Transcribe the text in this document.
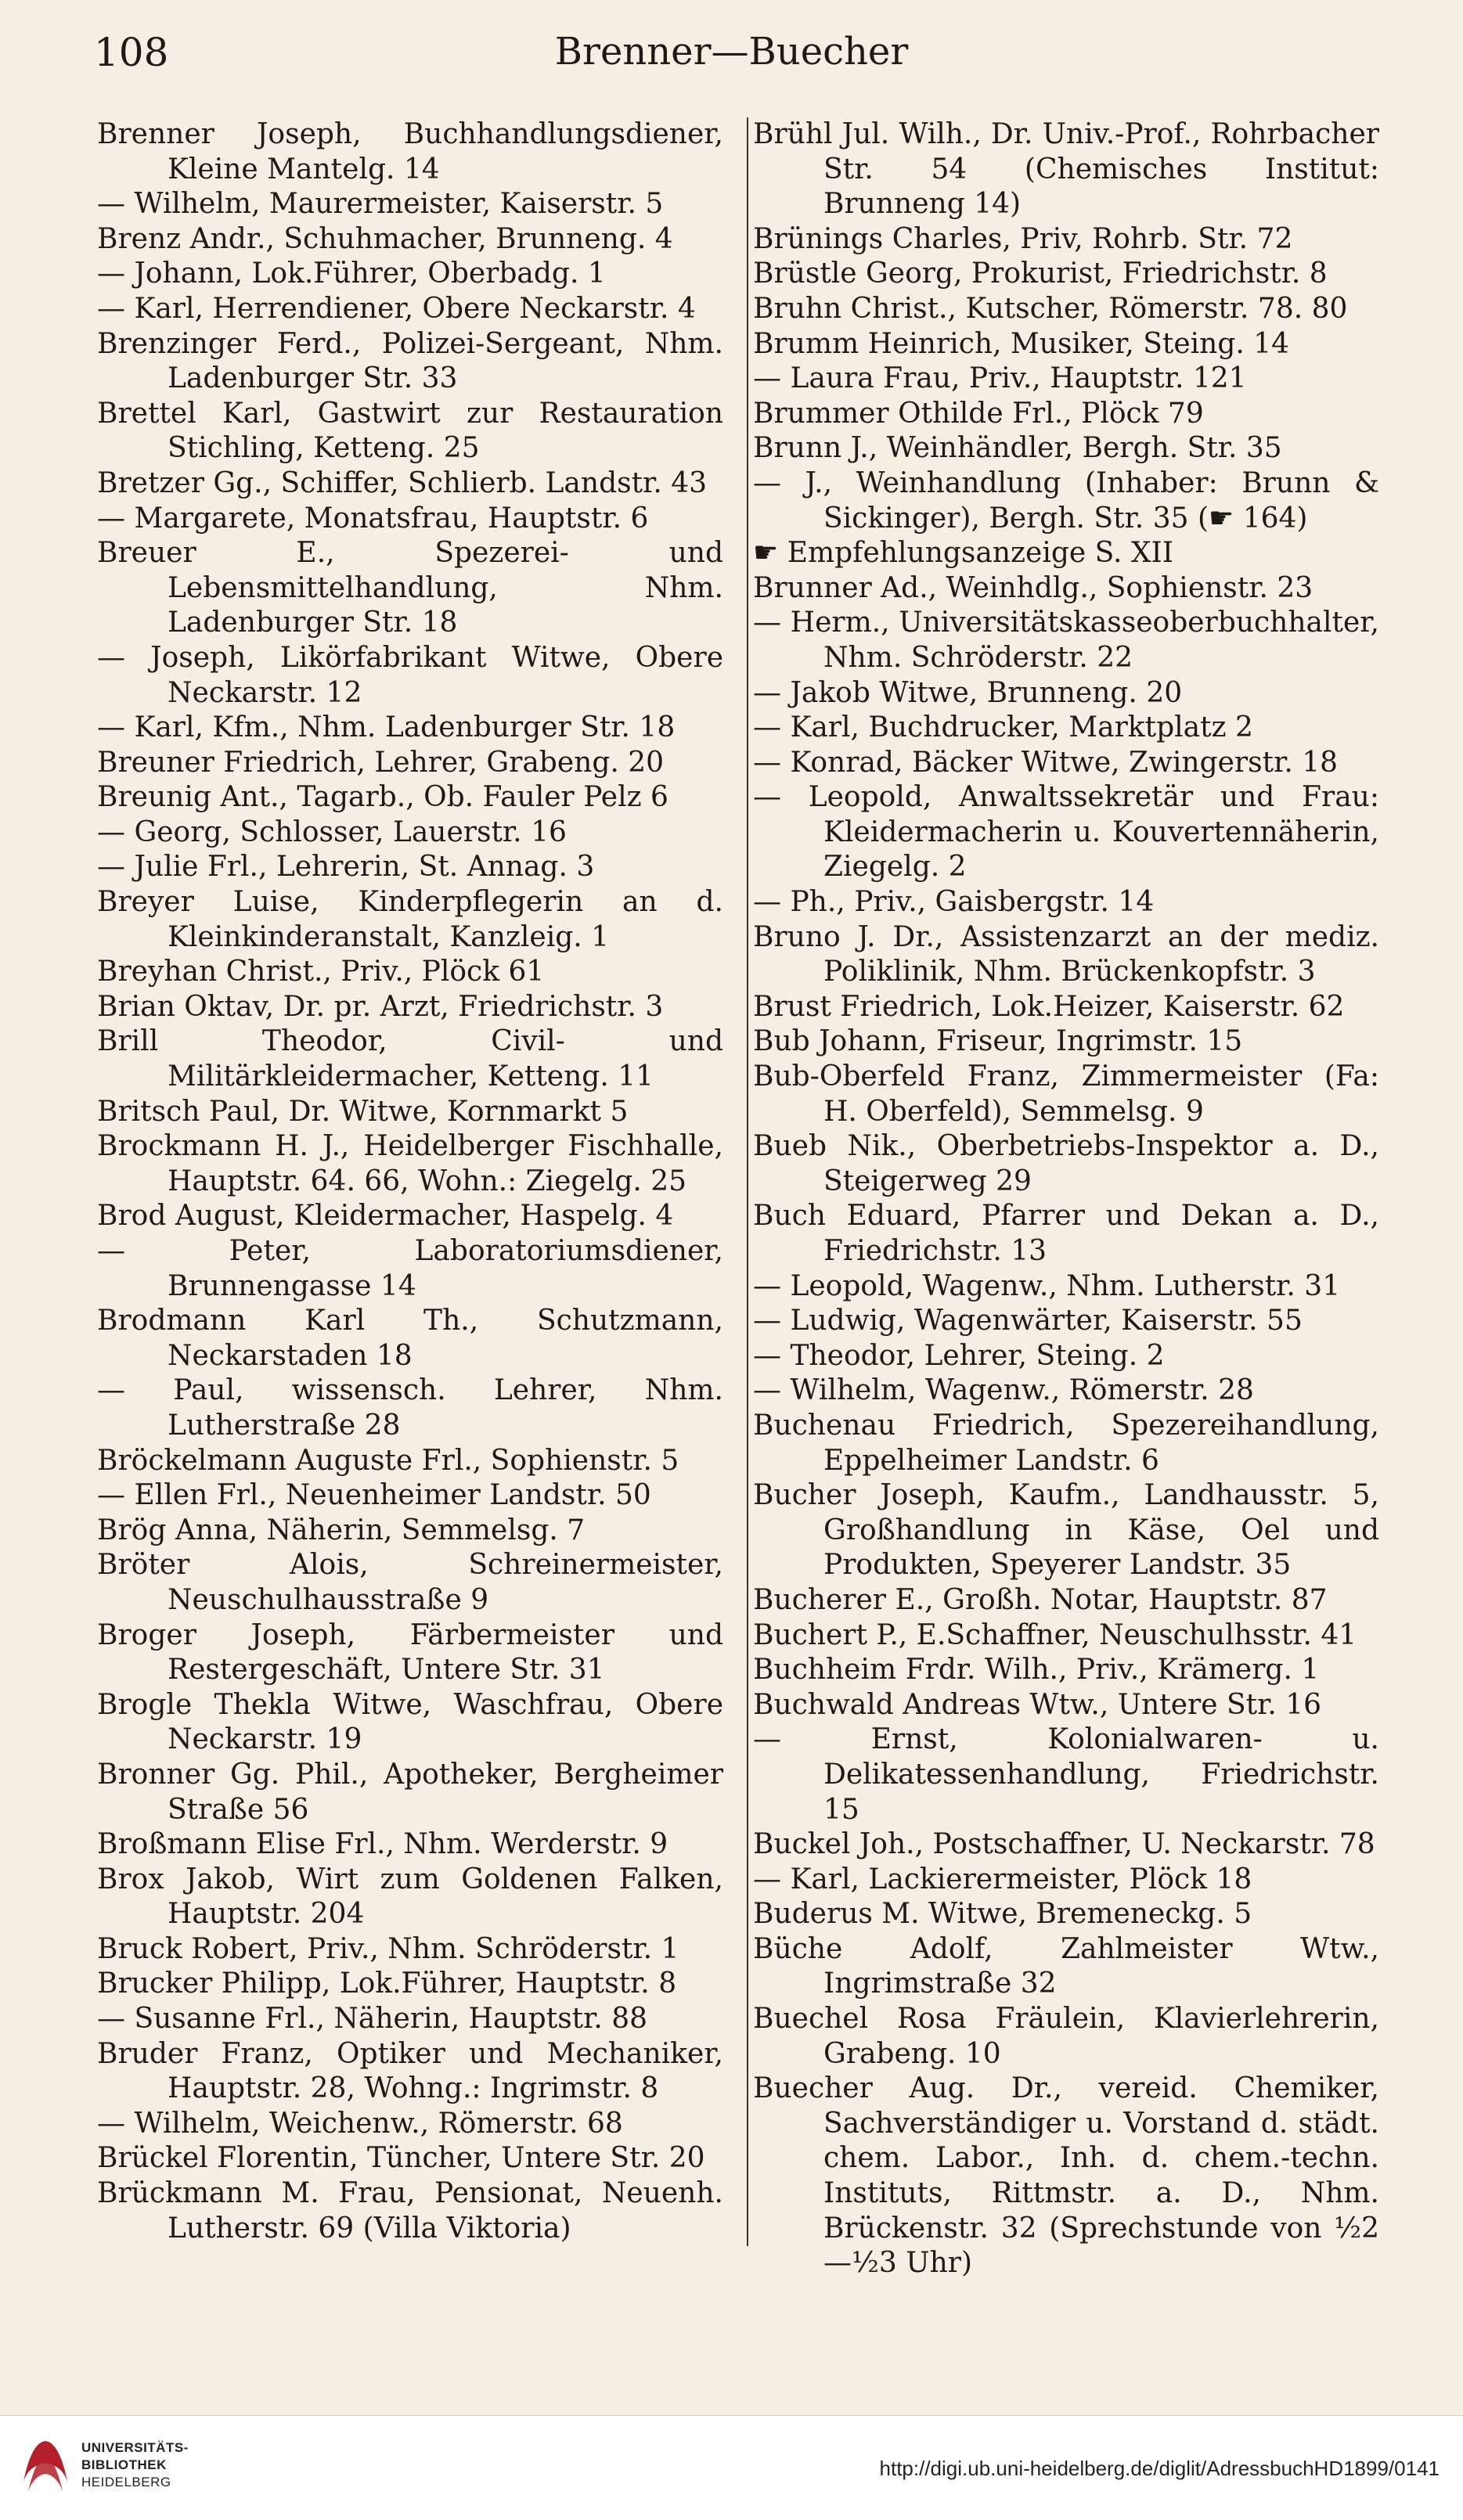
108	Brenner—Buecher
Brenner Joseph, Buchhandlungsdiener, Kleine Mantelg. 14
— Wilhelm, Maurermeister, Kaiserstr. 5
Brenz Andr., Schuhmacher, Brunneng. 4
— Johann, Lok.Führer, Oberbadg. 1
— Karl, Herrendiener, Obere Neckarstr. 4
Brenzinger Ferd., Polizei-Sergeant, Nhm. Ladenburger Str. 33
Brettel Karl, Gastwirt zur Restauration Stichling, Ketteng. 25
Bretzer Gg., Schiffer, Schlierb. Landstr. 43
— Margarete, Monatsfrau, Hauptstr. 6
Breuer E., Spezerei- und Lebensmittelhandlung, Nhm. Ladenburger Str. 18
— Joseph, Likörfabrikant Witwe, Obere Neckarstr. 12
— Karl, Kfm., Nhm. Ladenburger Str. 18
Breuner Friedrich, Lehrer, Grabeng. 20
Breunig Ant., Tagarb., Ob. Fauler Pelz 6
— Georg, Schlosser, Lauerstr. 16
— Julie Frl., Lehrerin, St. Annag. 3
Breyer Luise, Kinderpflegerin an d. Kleinkinderanstalt, Kanzleig. 1
Breyhan Christ., Priv., Plöck 61
Brian Oktav, Dr. pr. Arzt, Friedrichstr. 3
Brill Theodor, Civil- und Militärkleidermacher, Ketteng. 11
Britsch Paul, Dr. Witwe, Kornmarkt 5
Brockmann H. J., Heidelberger Fischhalle, Hauptstr. 64. 66, Wohn.: Ziegelg. 25
Brod August, Kleidermacher, Haspelg. 4
— Peter, Laboratoriumsdiener, Brunnengasse 14
Brodmann Karl Th., Schutzmann, Neckarstaden 18
— Paul, wissensch. Lehrer, Nhm. Lutherstraße 28
Bröckelmann Auguste Frl., Sophienstr. 5
— Ellen Frl., Neuenheimer Landstr. 50
Brög Anna, Näherin, Semmelsg. 7
Bröter Alois, Schreinermeister, Neuschulhausstraße 9
Broger Joseph, Färbermeister und Restergeschäft, Untere Str. 31
Brogle Thekla Witwe, Waschfrau, Obere Neckarstr. 19
Bronner Gg. Phil., Apotheker, Bergheimer Straße 56
Broßmann Elise Frl., Nhm. Werderstr. 9
Brox Jakob, Wirt zum Goldenen Falken, Hauptstr. 204
Bruck Robert, Priv., Nhm. Schröderstr. 1
Brucker Philipp, Lok.Führer, Hauptstr. 8
— Susanne Frl., Näherin, Hauptstr. 88
Bruder Franz, Optiker und Mechaniker, Hauptstr. 28, Wohng.: Ingrimstr. 8
— Wilhelm, Weichenw., Römerstr. 68
Brückel Florentin, Tüncher, Untere Str. 20
Brückmann M. Frau, Pensionat, Neuenh. Lutherstr. 69 (Villa Viktoria)
Brühl Jul. Wilh., Dr. Univ.-Prof., Rohrbacher Str. 54 (Chemisches Institut: Brunneng 14)
Brünings Charles, Priv, Rohrb. Str. 72
Brüstle Georg, Prokurist, Friedrichstr. 8
Bruhn Christ., Kutscher, Römerstr. 78. 80
Brumm Heinrich, Musiker, Steing. 14
— Laura Frau, Priv., Hauptstr. 121
Brummer Othilde Frl., Plöck 79
Brunn J., Weinhändler, Bergh. Str. 35
— J., Weinhandlung (Inhaber: Brunn & Sickinger), Bergh. Str. 35 (☛ 164)
☛ Empfehlungsanzeige S. XII
Brunner Ad., Weinhdlg., Sophienstr. 23
— Herm., Universitätskasseoberbuchhalter, Nhm. Schröderstr. 22
— Jakob Witwe, Brunneng. 20
— Karl, Buchdrucker, Marktplatz 2
— Konrad, Bäcker Witwe, Zwingerstr. 18
— Leopold, Anwaltssekretär und Frau: Kleidermacherin u. Kouvertennäherin, Ziegelg. 2
— Ph., Priv., Gaisbergstr. 14
Bruno J. Dr., Assistenzarzt an der mediz. Poliklinik, Nhm. Brückenkopfstr. 3
Brust Friedrich, Lok.Heizer, Kaiserstr. 62
Bub Johann, Friseur, Ingrimstr. 15
Bub-Oberfeld Franz, Zimmermeister (Fa: H. Oberfeld), Semmelsg. 9
Bueb Nik., Oberbetriebs-Inspektor a. D., Steigerweg 29
Buch Eduard, Pfarrer und Dekan a. D., Friedrichstr. 13
— Leopold, Wagenw., Nhm. Lutherstr. 31
— Ludwig, Wagenwärter, Kaiserstr. 55
— Theodor, Lehrer, Steing. 2
— Wilhelm, Wagenw., Römerstr. 28
Buchenau Friedrich, Spezereihandlung, Eppelheimer Landstr. 6
Bucher Joseph, Kaufm., Landhausstr. 5, Großhandlung in Käse, Oel und Produkten, Speyerer Landstr. 35
Bucherer E., Großh. Notar, Hauptstr. 87
Buchert P., E.Schaffner, Neuschulhsstr. 41
Buchheim Frdr. Wilh., Priv., Krämerg. 1
Buchwald Andreas Wtw., Untere Str. 16
— Ernst, Kolonialwaren- u. Delikatessenhandlung, Friedrichstr. 15
Buckel Joh., Postschaffner, U. Neckarstr. 78
— Karl, Lackierermeister, Plöck 18
Buderus M. Witwe, Bremeneckg. 5
Büche Adolf, Zahlmeister Wtw., Ingrimstraße 32
Buechel Rosa Fräulein, Klavierlehrerin, Grabeng. 10
Buecher Aug. Dr., vereid. Chemiker, Sachverständiger u. Vorstand d. städt. chem. Labor., Inh. d. chem.-techn. Instituts, Rittmstr. a. D., Nhm. Brückenstr. 32 (Sprechstunde von ½2—½3 Uhr)
UNIVERSITÄTS-
BIBLIOTHEK
HEIDELBERG
http://digi.ub.uni-heidelberg.de/diglit/AdressbuchHD1899/0141
